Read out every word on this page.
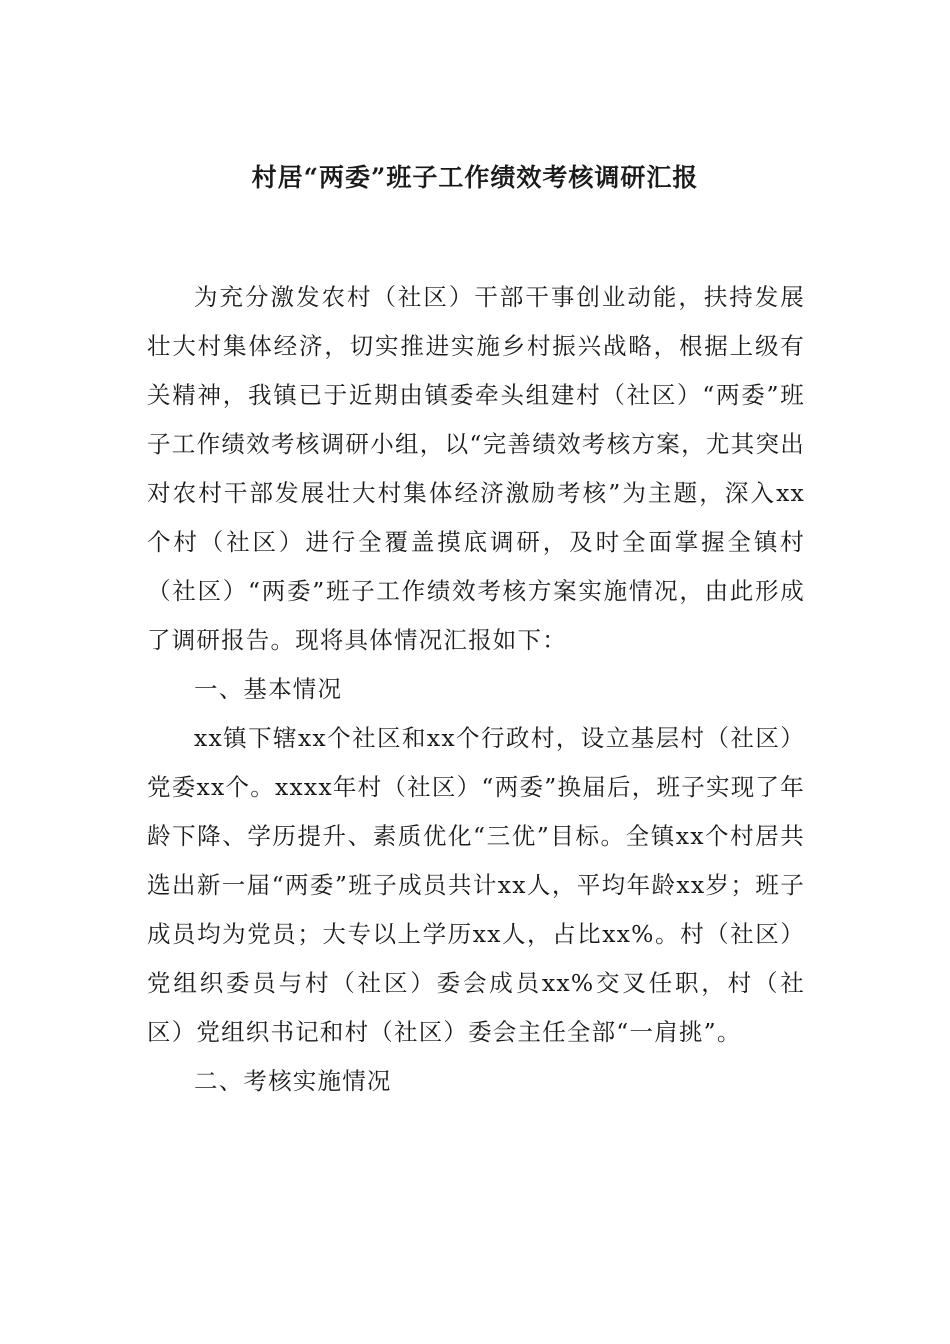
村居“两委”班子工作绩效考核调研汇报

为充分激发农村（社区）干部干事创业动能，扶持发展壮大村集体经济，切实推进实施乡村振兴战略，根据上级有关精神，我镇已于近期由镇委牵头组建村（社区）“两委”班子工作绩效考核调研小组，以“完善绩效考核方案，尤其突出对农村干部发展壮大村集体经济激励考核”为主题，深入xx个村（社区）进行全覆盖摸底调研，及时全面掌握全镇村（社区）“两委”班子工作绩效考核方案实施情况，由此形成了调研报告。现将具体情况汇报如下：

一、基本情况

xx镇下辖xx个社区和xx个行政村，设立基层村（社区）党委xx个。xxxx年村（社区）“两委”换届后，班子实现了年龄下降、学历提升、素质优化“三优”目标。全镇xx个村居共选出新一届“两委”班子成员共计xx人，平均年龄xx岁；班子成员均为党员；大专以上学历xx人，占比xx%。村（社区）党组织委员与村（社区）委会成员xx%交叉任职，村（社区）党组织书记和村（社区）委会主任全部“一肩挑”。

二、考核实施情况
